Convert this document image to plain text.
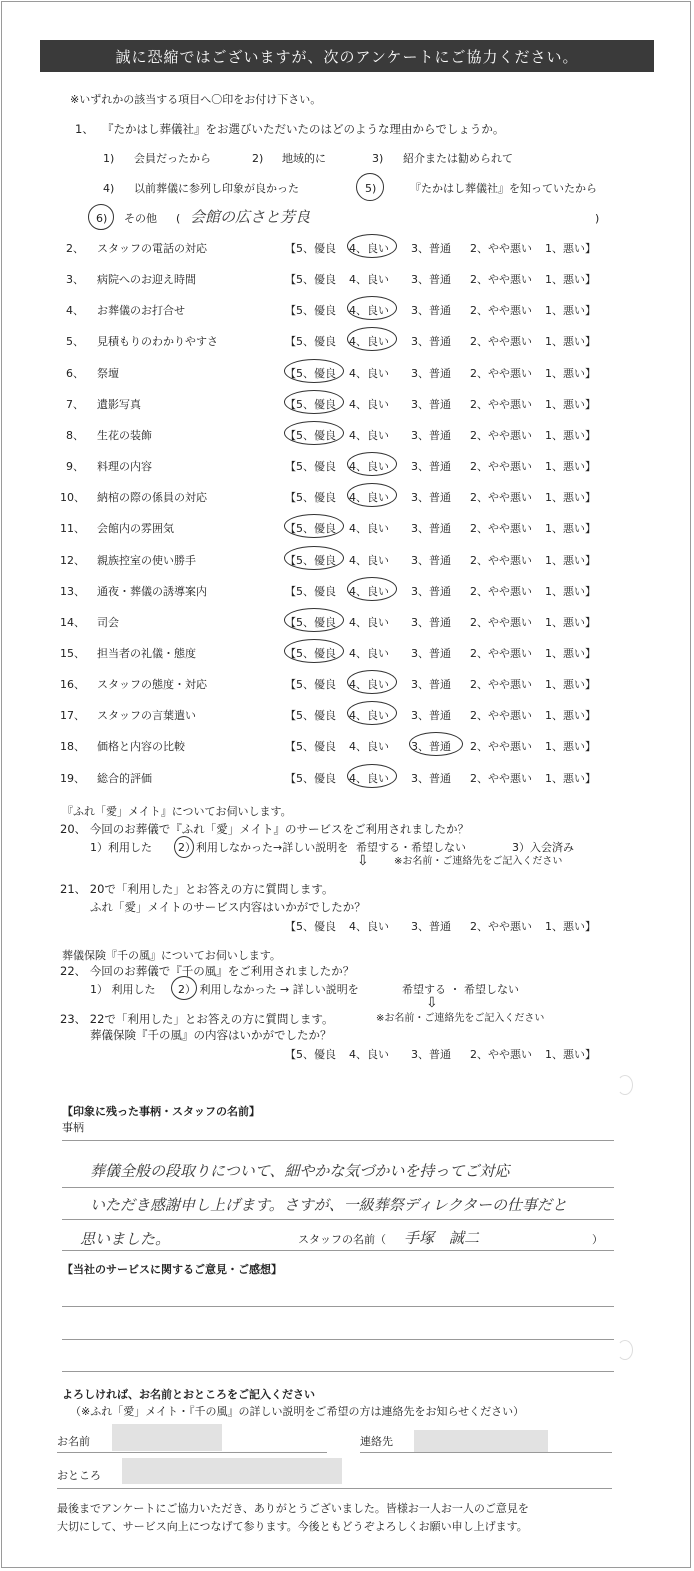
誠に恐縮ではございますが、次のアンケートにご協力ください。
※いずれかの該当する項目へ〇印をお付け下さい。
1、 『たかはし葬儀社』をお選びいただいたのはどのような理由からでしょうか。
1) 会員だったから	2) 地域的に	3) 紹介または勧められて
4) 以前葬儀に参列し印象が良かった	5)	『たかはし葬儀社』を知っていたから
6) その他 ( 会館の広さと芳良	)
2、 スタッフの電話の対応	【5、優良 4、良い 3、普通 2、やや悪い 1、悪い】
3、 病院へのお迎え時間	【5、優良 4、良い 3、普通 2、やや悪い 1、悪い】
4、 お葬儀のお打合せ	【5、優良 4、良い 3、普通 2、やや悪い 1、悪い】
5、 見積もりのわかりやすさ	【5、優良 4、良い 3、普通 2、やや悪い 1、悪い】
6、 祭壇	【5、優良 4、良い 3、普通 2、やや悪い 1、悪い】
7、 遺影写真	【5、優良 4、良い 3、普通 2、やや悪い 1、悪い】
8、 生花の装飾	【5、優良 4、良い 3、普通 2、やや悪い 1、悪い】
9、 料理の内容	【5、優良 4、良い 3、普通 2、やや悪い 1、悪い】
10、 納棺の際の係員の対応	【5、優良 4、良い 3、普通 2、やや悪い 1、悪い】
11、 会館内の雰囲気	【5、優良 4、良い 3、普通 2、やや悪い 1、悪い】
12、 親族控室の使い勝手	【5、優良 4、良い 3、普通 2、やや悪い 1、悪い】
13、 通夜・葬儀の誘導案内	【5、優良 4、良い 3、普通 2、やや悪い 1、悪い】
14、 司会	【5、優良 4、良い 3、普通 2、やや悪い 1、悪い】
15、 担当者の礼儀・態度	【5、優良 4、良い 3、普通 2、やや悪い 1、悪い】
16、 スタッフの態度・対応	【5、優良 4、良い 3、普通 2、やや悪い 1、悪い】
17、 スタッフの言葉遣い	【5、優良 4、良い 3、普通 2、やや悪い 1、悪い】
18、 価格と内容の比較	【5、優良 4、良い 3、普通 2、やや悪い 1、悪い】
19、 総合的評価	【5、優良 4、良い 3、普通 2、やや悪い 1、悪い】
『ふれ「愛」メイト』についてお伺いします。
20、 今回のお葬儀で『ふれ「愛」メイト』のサービスをご利用されましたか？
1）利用した 2）利用しなかった→詳しい説明を 希望する・希望しない	3）入会済み
⇩	※お名前・ご連絡先をご記入ください
21、 20で「利用した」とお答えの方に質問します。
ふれ「愛」メイトのサービス内容はいかがでしたか？
【5、優良 4、良い 3、普通 2、やや悪い 1、悪い】
葬儀保険『千の風』についてお伺いします。
22、 今回のお葬儀で『千の風』をご利用されましたか？
1） 利用した 2） 利用しなかった → 詳しい説明を	希望する ・ 希望しない
⇩
23、 22で「利用した」とお答えの方に質問します。	※お名前・ご連絡先をご記入ください
葬儀保険『千の風』の内容はいかがでしたか？
【5、優良 4、良い 3、普通 2、やや悪い 1、悪い】
【印象に残った事柄・スタッフの名前】
事柄
葬儀全般の段取りについて、細やかな気づかいを持ってご対応
いただき感謝申し上げます。さすが、一級葬祭ディレクターの仕事だと
思いました。	スタッフの名前（ 手塚　誠二	）
【当社のサービスに関するご意見・ご感想】
よろしければ、お名前とおところをご記入ください
（※ふれ「愛」メイト・『千の風』の詳しい説明をご希望の方は連絡先をお知らせください）
お名前	連絡先
おところ
最後までアンケートにご協力いただき、ありがとうございました。皆様お一人お一人のご意見を
大切にして、サービス向上につなげて参ります。今後ともどうぞよろしくお願い申し上げます。
